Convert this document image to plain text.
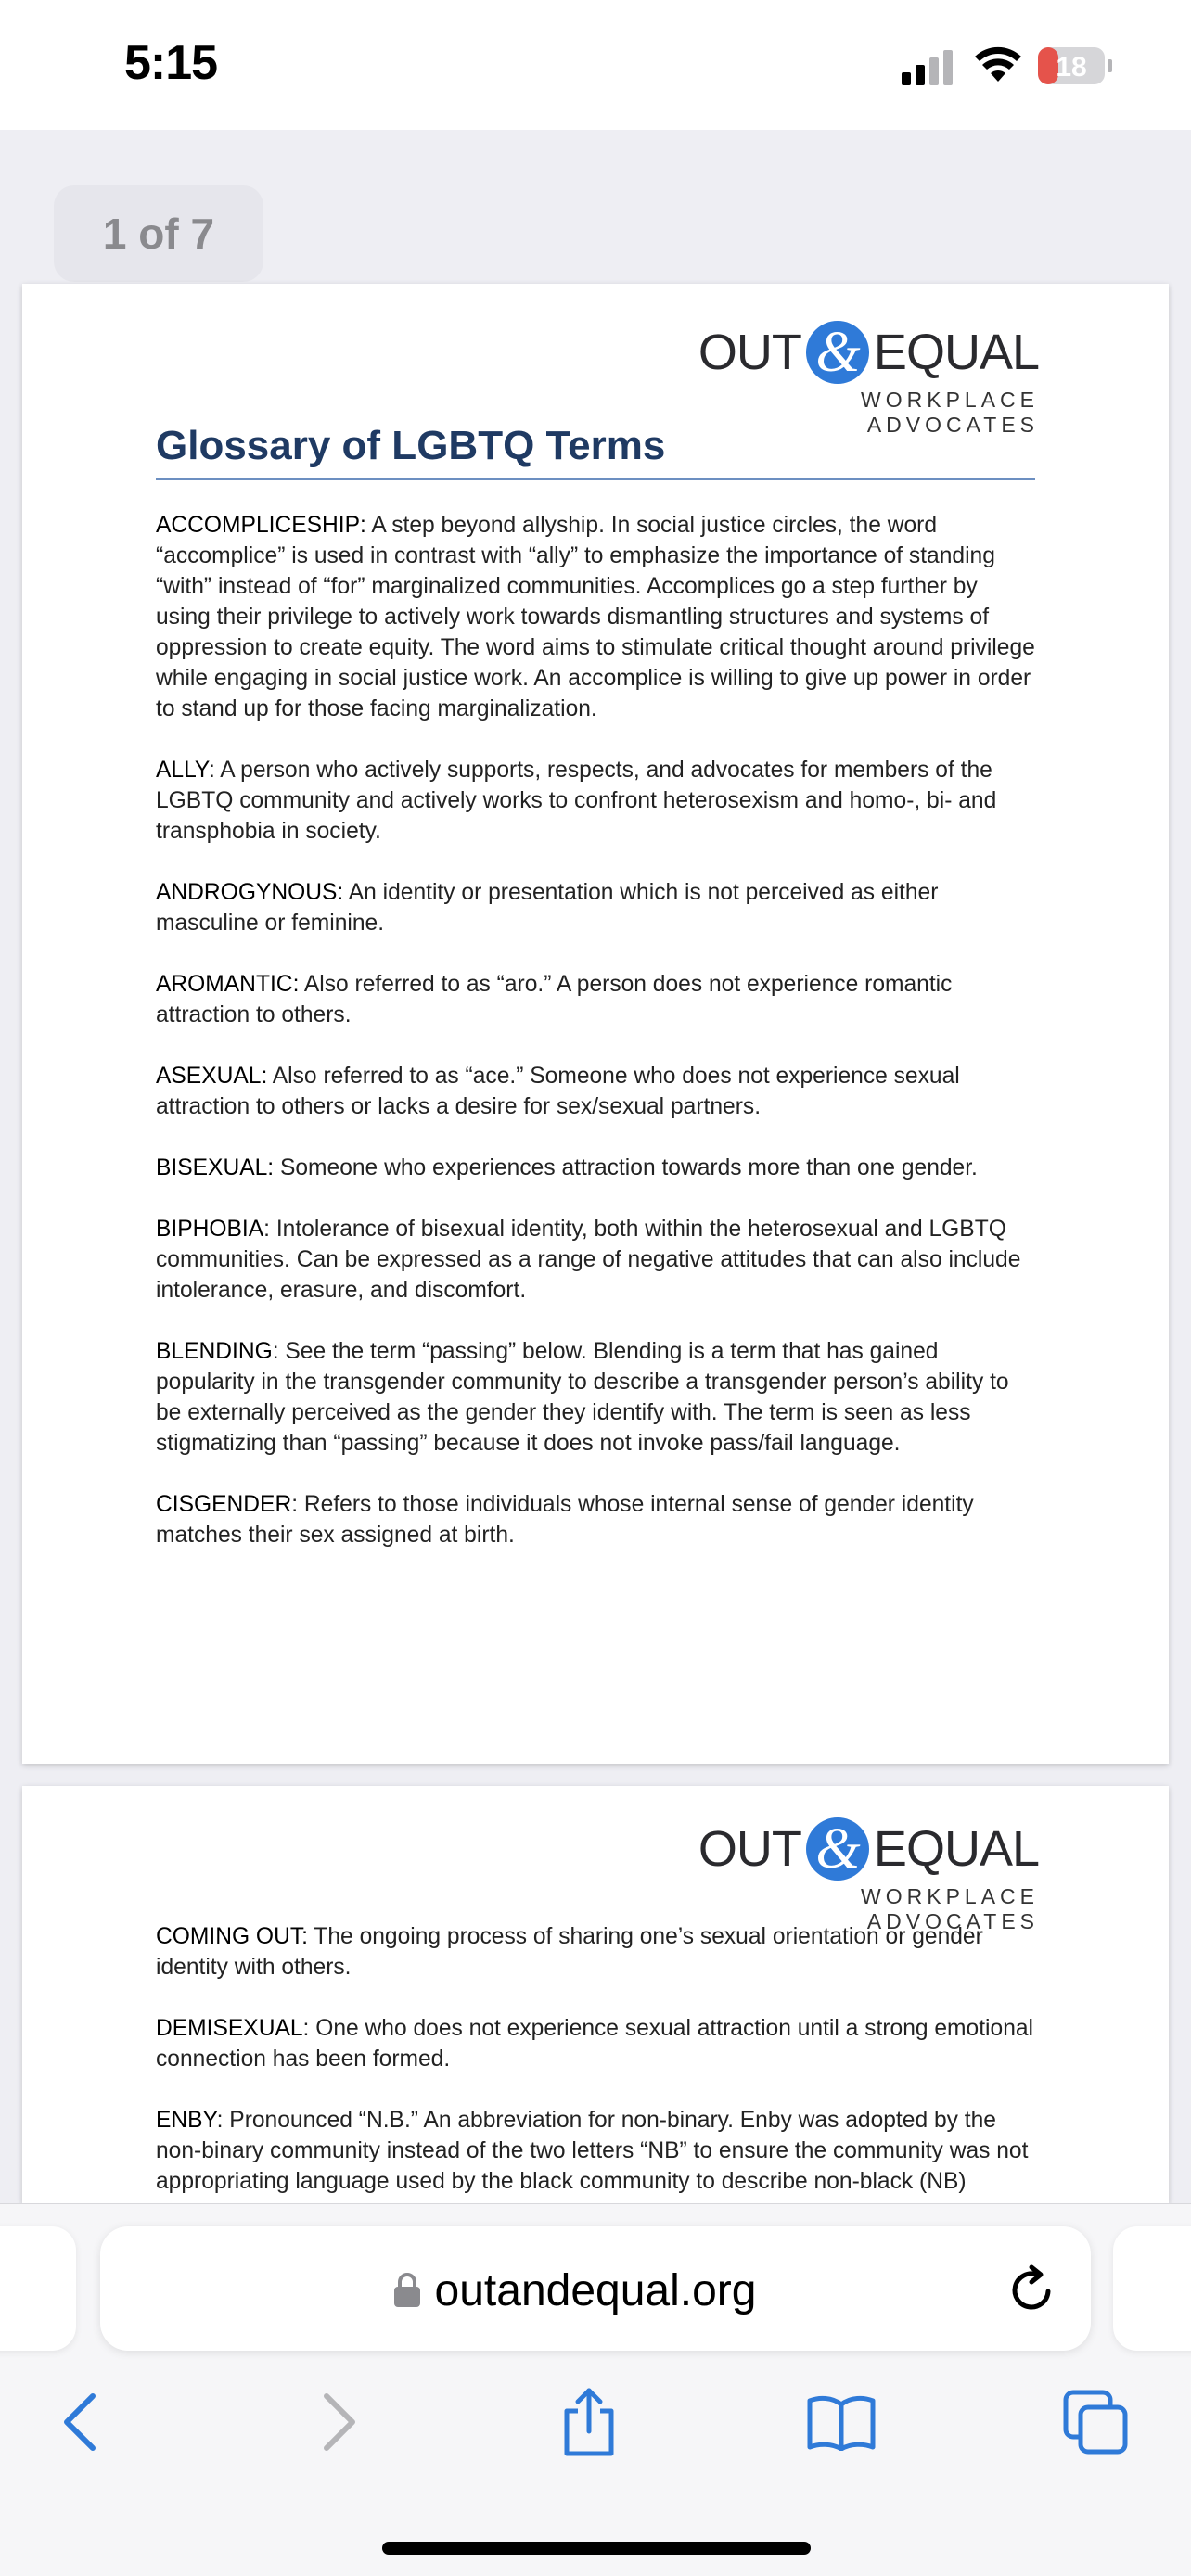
5:15	18
1 of 7
OUT & EQUAL
WORKPLACE ADVOCATES
Glossary of LGBTQ Terms

ACCOMPLICESHIP: A step beyond allyship. In social justice circles, the word “accomplice” is used in contrast with “ally” to emphasize the importance of standing “with” instead of “for” marginalized communities. Accomplices go a step further by using their privilege to actively work towards dismantling structures and systems of oppression to create equity. The word aims to stimulate critical thought around privilege while engaging in social justice work. An accomplice is willing to give up power in order to stand up for those facing marginalization.

ALLY: A person who actively supports, respects, and advocates for members of the LGBTQ community and actively works to confront heterosexism and homo-, bi- and transphobia in society.

ANDROGYNOUS: An identity or presentation which is not perceived as either masculine or feminine.

AROMANTIC: Also referred to as “aro.” A person does not experience romantic attraction to others.

ASEXUAL: Also referred to as “ace.” Someone who does not experience sexual attraction to others or lacks a desire for sex/sexual partners.

BISEXUAL: Someone who experiences attraction towards more than one gender.

BIPHOBIA: Intolerance of bisexual identity, both within the heterosexual and LGBTQ communities. Can be expressed as a range of negative attitudes that can also include intolerance, erasure, and discomfort.

BLENDING: See the term “passing” below. Blending is a term that has gained popularity in the transgender community to describe a transgender person’s ability to be externally perceived as the gender they identify with. The term is seen as less stigmatizing than “passing” because it does not invoke pass/fail language.

CISGENDER: Refers to those individuals whose internal sense of gender identity matches their sex assigned at birth.

OUT & EQUAL
WORKPLACE ADVOCATES

COMING OUT: The ongoing process of sharing one’s sexual orientation or gender identity with others.

DEMISEXUAL: One who does not experience sexual attraction until a strong emotional connection has been formed.

ENBY: Pronounced “N.B.” An abbreviation for non-binary. Enby was adopted by the non-binary community instead of the two letters “NB” to ensure the community was not appropriating language used by the black community to describe non-black (NB)

outandequal.org
